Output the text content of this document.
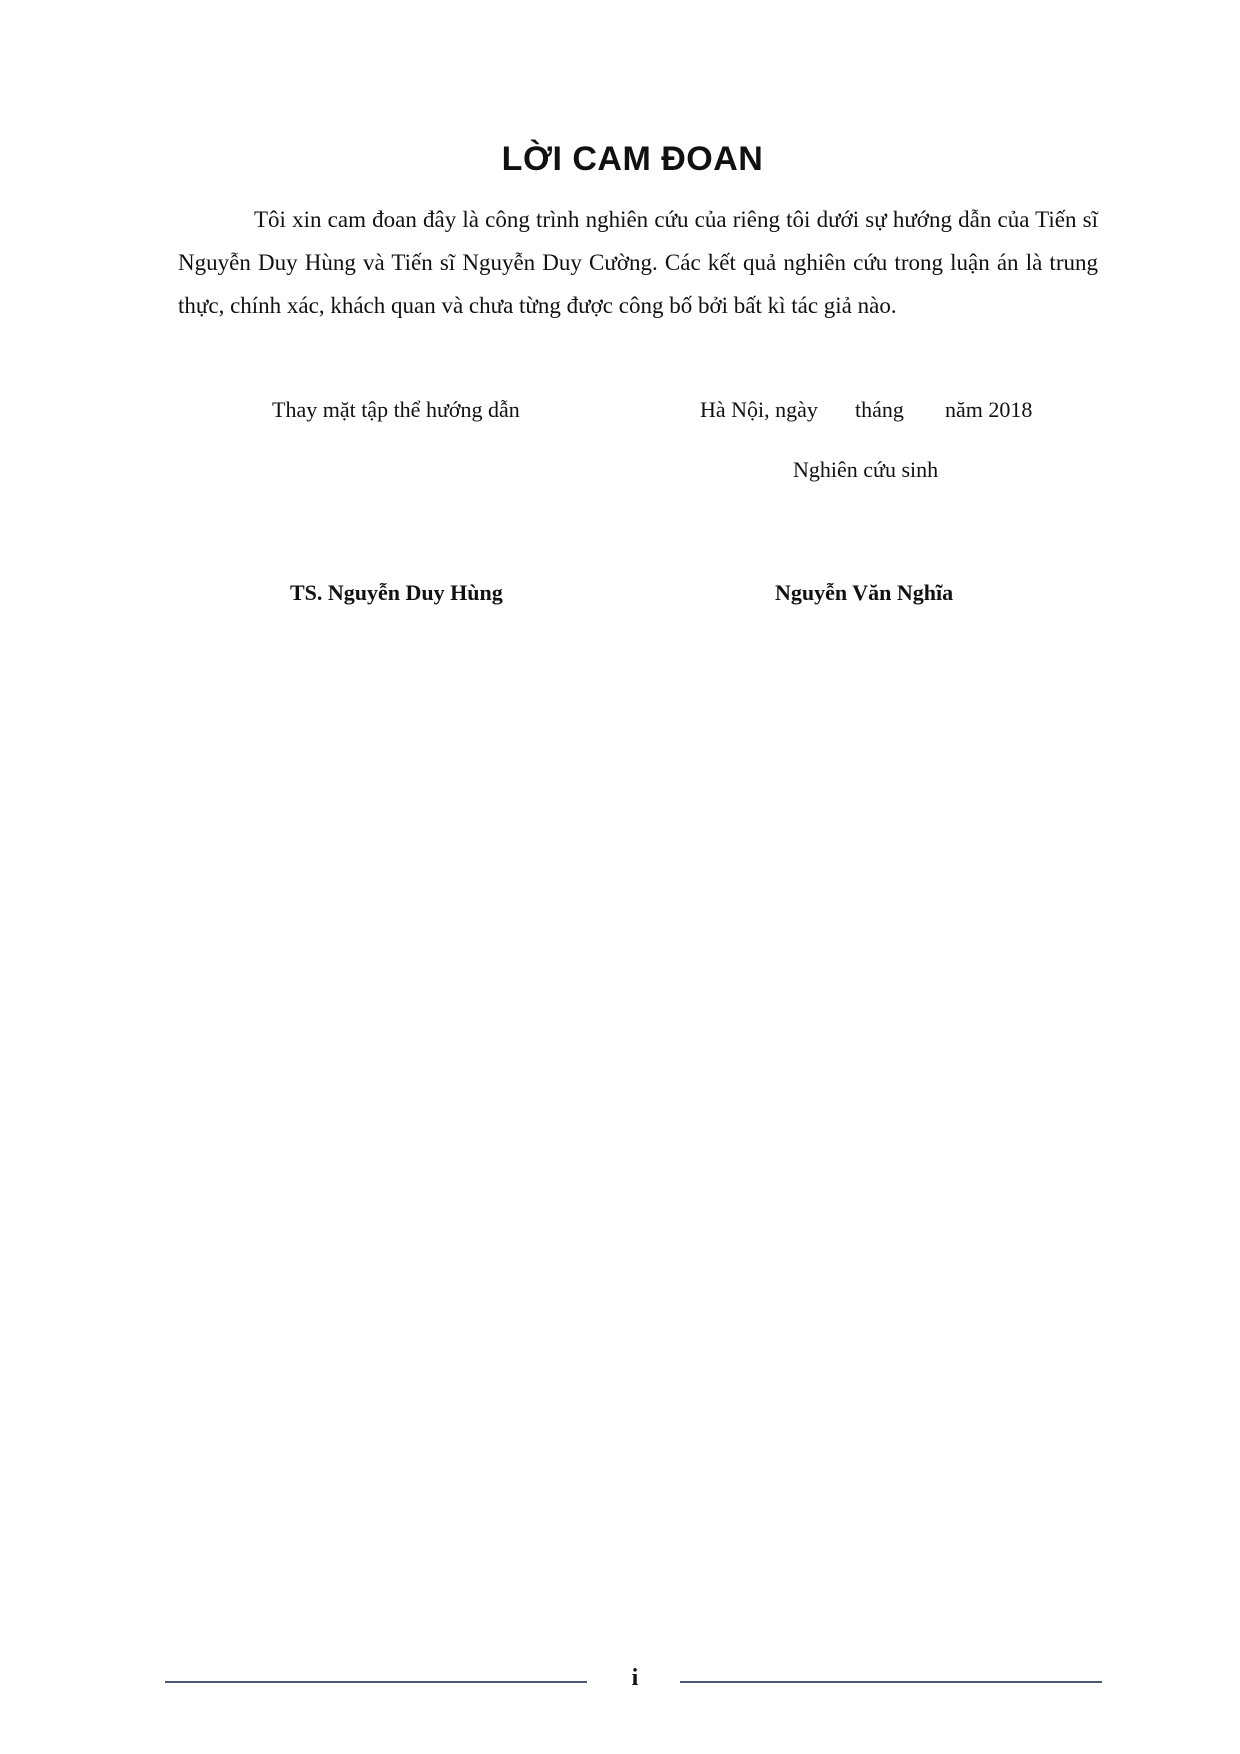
LỜI CAM ĐOAN

Tôi xin cam đoan đây là công trình nghiên cứu của riêng tôi dưới sự hướng dẫn của Tiến sĩ Nguyễn Duy Hùng và Tiến sĩ Nguyễn Duy Cường. Các kết quả nghiên cứu trong luận án là trung thực, chính xác, khách quan và chưa từng được công bố bởi bất kì tác giả nào.

Thay mặt tập thể hướng dẫn	Hà Nội, ngày tháng năm 2018
Nghiên cứu sinh
TS. Nguyễn Duy Hùng	Nguyễn Văn Nghĩa
i
